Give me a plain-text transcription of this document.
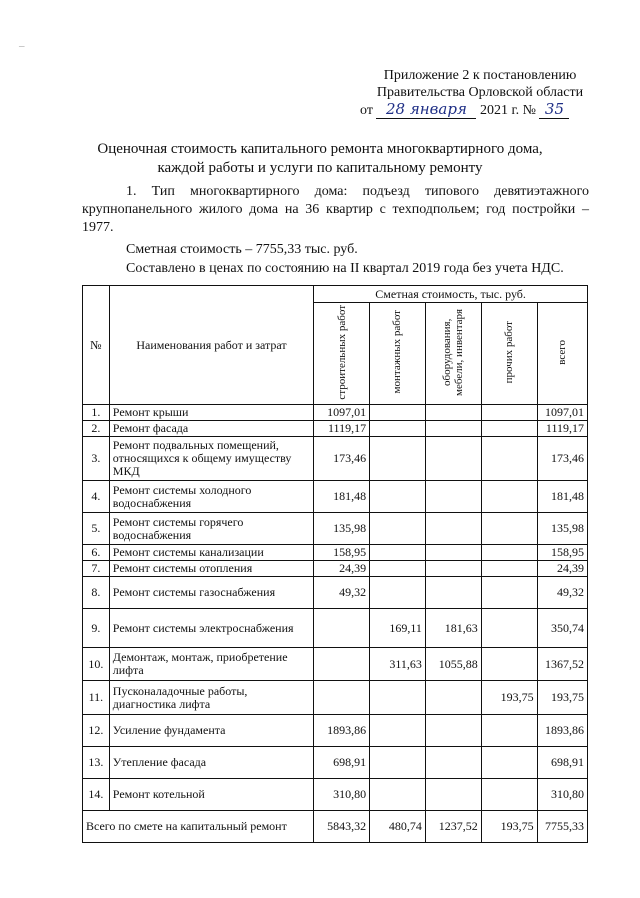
–
Приложение 2 к постановлению
Правительства Орловской области
от 28 января 2021 г. № 35
Оценочная стоимость капитального ремонта многоквартирного дома,
каждой работы и услуги по капитальному ремонту
1. Тип многоквартирного дома: подъезд типового девятиэтажного крупнопанельного жилого дома на 36 квартир с техподпольем; год постройки – 1977.
Сметная стоимость – 7755,33 тыс. руб.
Составлено в ценах по состоянию на II квартал 2019 года без учета НДС.
№	Наименования работ и затрат	Сметная стоимость, тыс. руб.				
		строительных работ	монтажных работ	оборудования, мебели, инвентаря	прочих работ	всего
1.	Ремонт крыши	1097,01				1097,01
2.	Ремонт фасада	1119,17				1119,17
3.	Ремонт подвальных помещений, относящихся к общему имуществу МКД	173,46				173,46
4.	Ремонт системы холодного водоснабжения	181,48				181,48
5.	Ремонт системы горячего водоснабжения	135,98				135,98
6.	Ремонт системы канализации	158,95				158,95
7.	Ремонт системы отопления	24,39				24,39
8.	Ремонт системы газоснабжения	49,32				49,32
9.	Ремонт системы электроснабжения		169,11	181,63		350,74
10.	Демонтаж, монтаж, приобретение лифта		311,63	1055,88		1367,52
11.	Пусконаладочные работы, диагностика лифта				193,75	193,75
12.	Усиление фундамента	1893,86				1893,86
13.	Утепление фасада	698,91				698,91
14.	Ремонт котельной	310,80				310,80
Всего по смете на капитальный ремонт		5843,32	480,74	1237,52	193,75	7755,33
